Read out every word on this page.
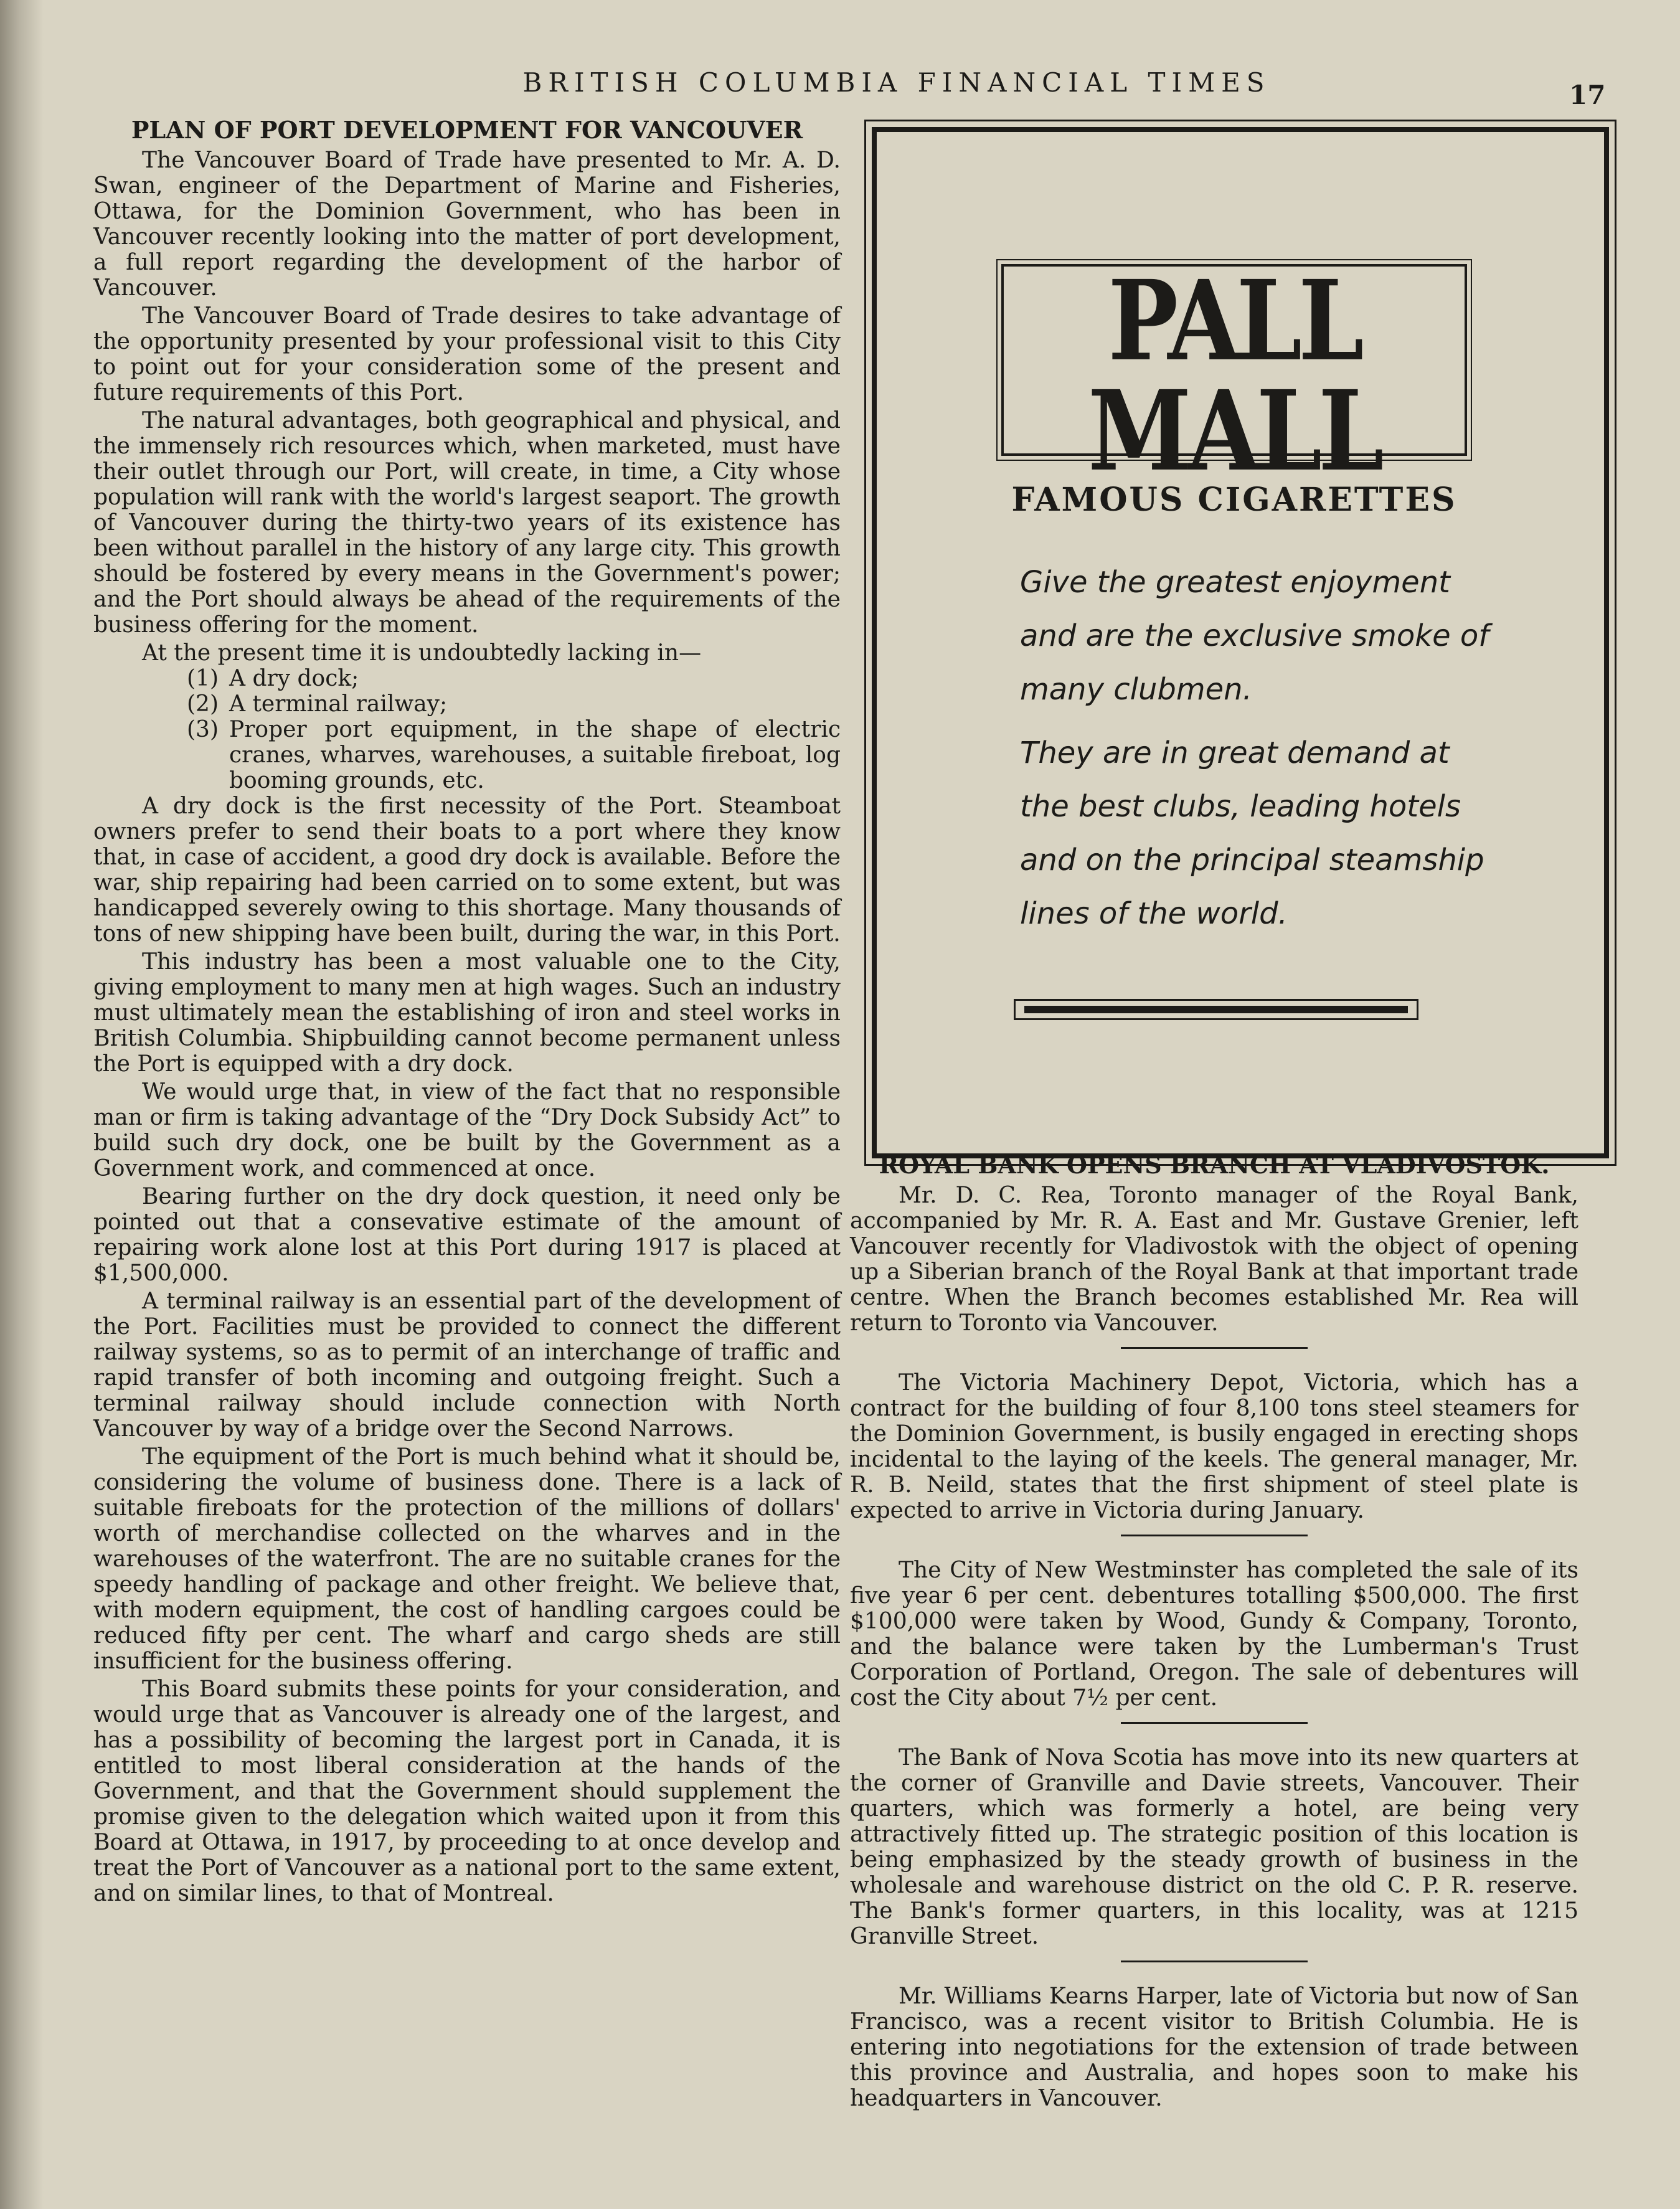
BRITISH COLUMBIA FINANCIAL TIMES	17
PLAN OF PORT DEVELOPMENT FOR VANCOUVER

The Vancouver Board of Trade have presented to Mr. A. D. Swan, engineer of the Department of Marine and Fisheries, Ottawa, for the Dominion Government, who has been in Vancouver recently looking into the matter of port development, a full report regarding the development of the harbor of Vancouver.

The Vancouver Board of Trade desires to take advantage of the opportunity presented by your professional visit to this City to point out for your consideration some of the present and future requirements of this Port.

The natural advantages, both geographical and physical, and the immensely rich resources which, when marketed, must have their outlet through our Port, will create, in time, a City whose population will rank with the world's largest seaport. The growth of Vancouver during the thirty-two years of its existence has been without parallel in the history of any large city. This growth should be fostered by every means in the Government's power; and the Port should always be ahead of the requirements of the business offering for the moment.

At the present time it is undoubtedly lacking in—

(1) A dry dock;
(2) A terminal railway;
(3) Proper port equipment, in the shape of electric cranes, wharves, warehouses, a suitable fireboat, log booming grounds, etc.

A dry dock is the first necessity of the Port. Steamboat owners prefer to send their boats to a port where they know that, in case of accident, a good dry dock is available. Before the war, ship repairing had been carried on to some extent, but was handicapped severely owing to this shortage. Many thousands of tons of new shipping have been built, during the war, in this Port.

This industry has been a most valuable one to the City, giving employment to many men at high wages. Such an industry must ultimately mean the establishing of iron and steel works in British Columbia. Shipbuilding cannot become permanent unless the Port is equipped with a dry dock.

We would urge that, in view of the fact that no responsible man or firm is taking advantage of the “Dry Dock Subsidy Act” to build such dry dock, one be built by the Government as a Government work, and commenced at once.

Bearing further on the dry dock question, it need only be pointed out that a consevative estimate of the amount of repairing work alone lost at this Port during 1917 is placed at $1,500,000.

A terminal railway is an essential part of the development of the Port. Facilities must be provided to connect the different railway systems, so as to permit of an interchange of traffic and rapid transfer of both incoming and outgoing freight. Such a terminal railway should include connection with North Vancouver by way of a bridge over the Second Narrows.

The equipment of the Port is much behind what it should be, considering the volume of business done. There is a lack of suitable fireboats for the protection of the millions of dollars' worth of merchandise collected on the wharves and in the warehouses of the waterfront. The are no suitable cranes for the speedy handling of package and other freight. We believe that, with modern equipment, the cost of handling cargoes could be reduced fifty per cent. The wharf and cargo sheds are still insufficient for the business offering.

This Board submits these points for your consideration, and would urge that as Vancouver is already one of the largest, and has a possibility of becoming the largest port in Canada, it is entitled to most liberal consideration at the hands of the Government, and that the Government should supplement the promise given to the delegation which waited upon it from this Board at Ottawa, in 1917, by proceeding to at once develop and treat the Port of Vancouver as a national port to the same extent, and on similar lines, to that of Montreal.

PALL MALL
FAMOUS CIGARETTES

Give the greatest enjoyment and are the exclusive smoke of many clubmen.

They are in great demand at the best clubs, leading hotels and on the principal steamship lines of the world.

ROYAL BANK OPENS BRANCH AT VLADIVOSTOK.

Mr. D. C. Rea, Toronto manager of the Royal Bank, accompanied by Mr. R. A. East and Mr. Gustave Grenier, left Vancouver recently for Vladivostok with the object of opening up a Siberian branch of the Royal Bank at that important trade centre. When the Branch becomes established Mr. Rea will return to Toronto via Vancouver.

The Victoria Machinery Depot, Victoria, which has a contract for the building of four 8,100 tons steel steamers for the Dominion Government, is busily engaged in erecting shops incidental to the laying of the keels. The general manager, Mr. R. B. Neild, states that the first shipment of steel plate is expected to arrive in Victoria during January.

The City of New Westminster has completed the sale of its five year 6 per cent. debentures totalling $500,000. The first $100,000 were taken by Wood, Gundy & Company, Toronto, and the balance were taken by the Lumberman's Trust Corporation of Portland, Oregon. The sale of debentures will cost the City about 7½ per cent.

The Bank of Nova Scotia has move into its new quarters at the corner of Granville and Davie streets, Vancouver. Their quarters, which was formerly a hotel, are being very attractively fitted up. The strategic position of this location is being emphasized by the steady growth of business in the wholesale and warehouse district on the old C. P. R. reserve. The Bank's former quarters, in this locality, was at 1215 Granville Street.

Mr. Williams Kearns Harper, late of Victoria but now of San Francisco, was a recent visitor to British Columbia. He is entering into negotiations for the extension of trade between this province and Australia, and hopes soon to make his headquarters in Vancouver.
